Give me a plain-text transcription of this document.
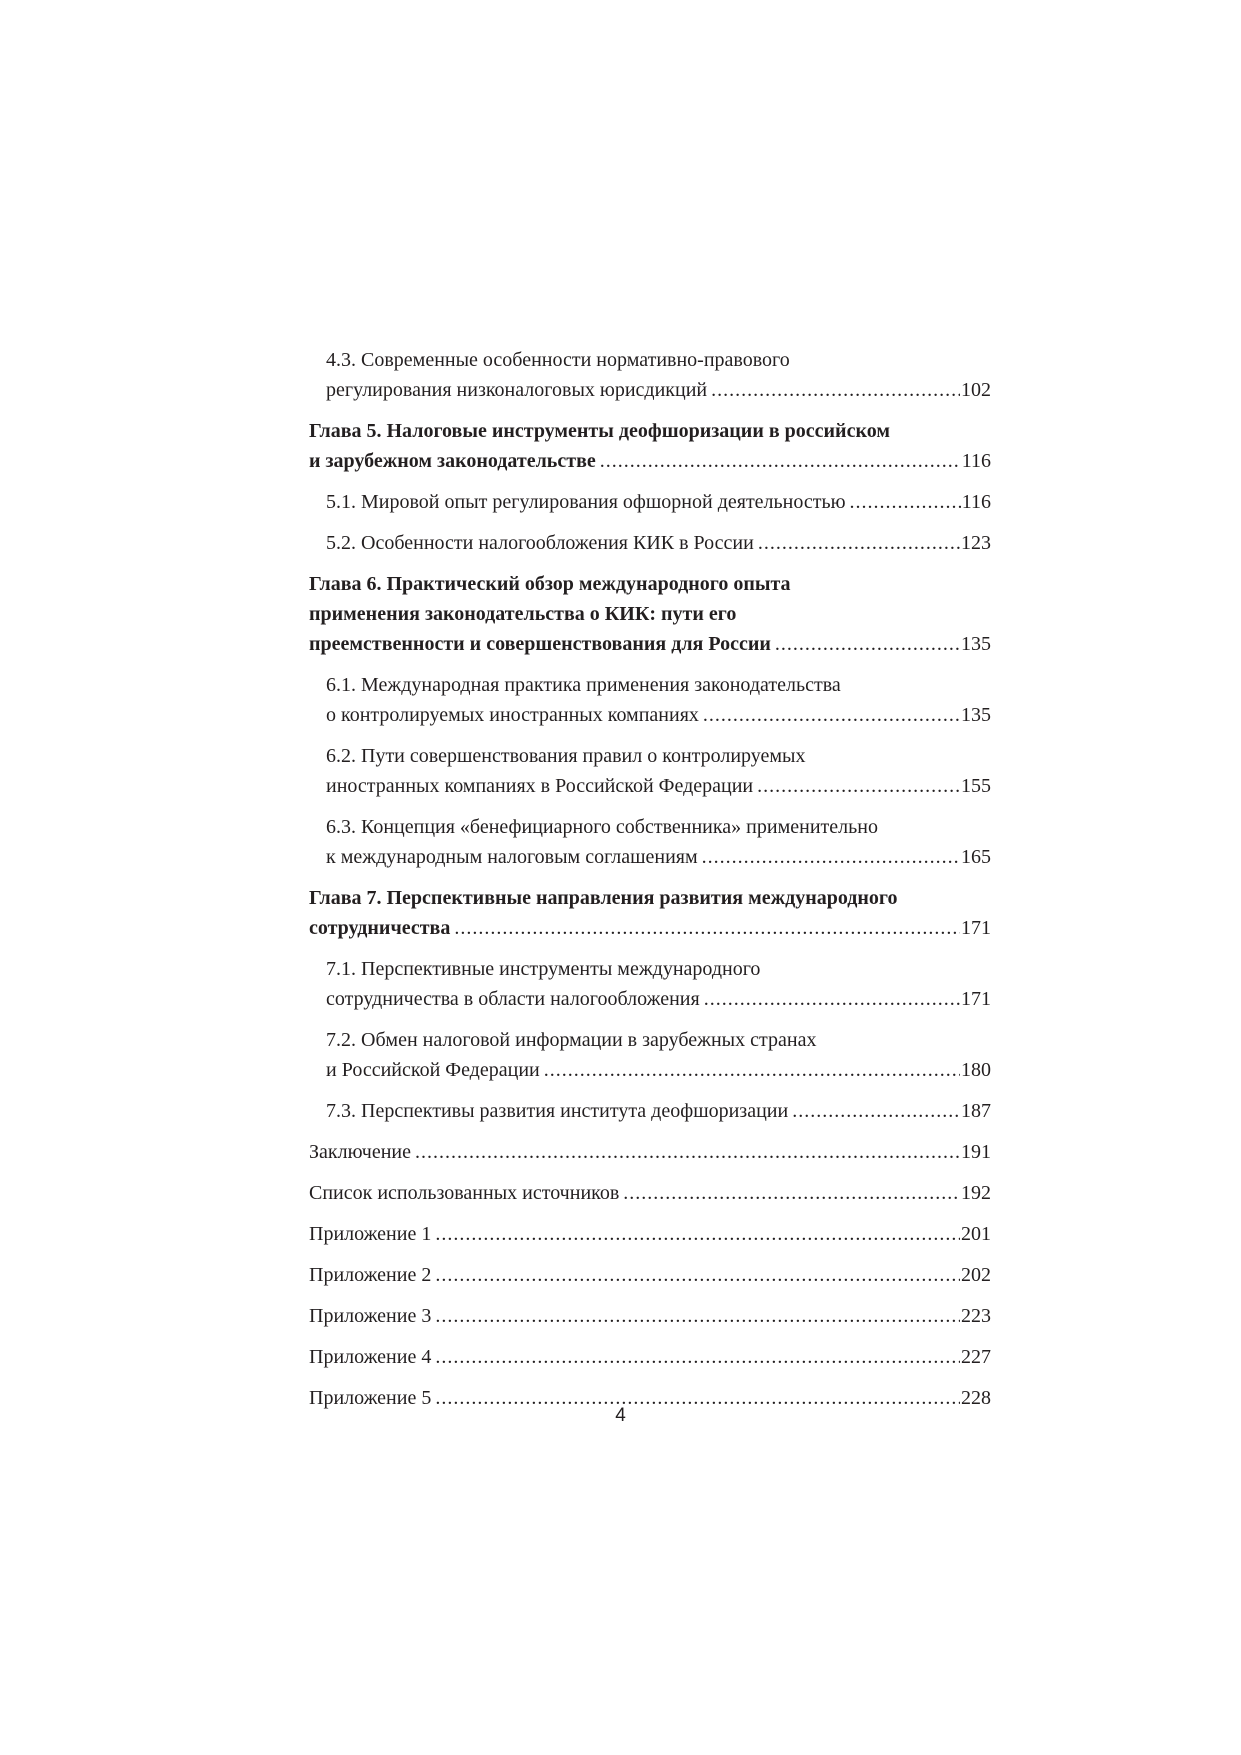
4.3. Современные особенности нормативно-правового
регулирования низконалоговых юрисдикций .....	102
Глава 5. Налоговые инструменты деофшоризации в российском
и зарубежном законодательстве .....	116
5.1. Мировой опыт регулирования офшорной деятельностью .....	116
5.2. Особенности налогообложения КИК в России .....	123
Глава 6. Практический обзор международного опыта
применения законодательства о КИК: пути его
преемственности и совершенствования для России .....	135
6.1. Международная практика применения законодательства
о контролируемых иностранных компаниях .....	135
6.2. Пути совершенствования правил о контролируемых
иностранных компаниях в Российской Федерации .....	155
6.3. Концепция «бенефициарного собственника» применительно
к международным налоговым соглашениям .....	165
Глава 7. Перспективные направления развития международного
сотрудничества .....	171
7.1. Перспективные инструменты международного
сотрудничества в области налогообложения .....	171
7.2. Обмен налоговой информации в зарубежных странах
и Российской Федерации .....	180
7.3. Перспективы развития института деофшоризации .....	187
Заключение .....	191
Список использованных источников .....	192
Приложение 1 .....	201
Приложение 2 .....	202
Приложение 3 .....	223
Приложение 4 .....	227
Приложение 5 .....	228
4
